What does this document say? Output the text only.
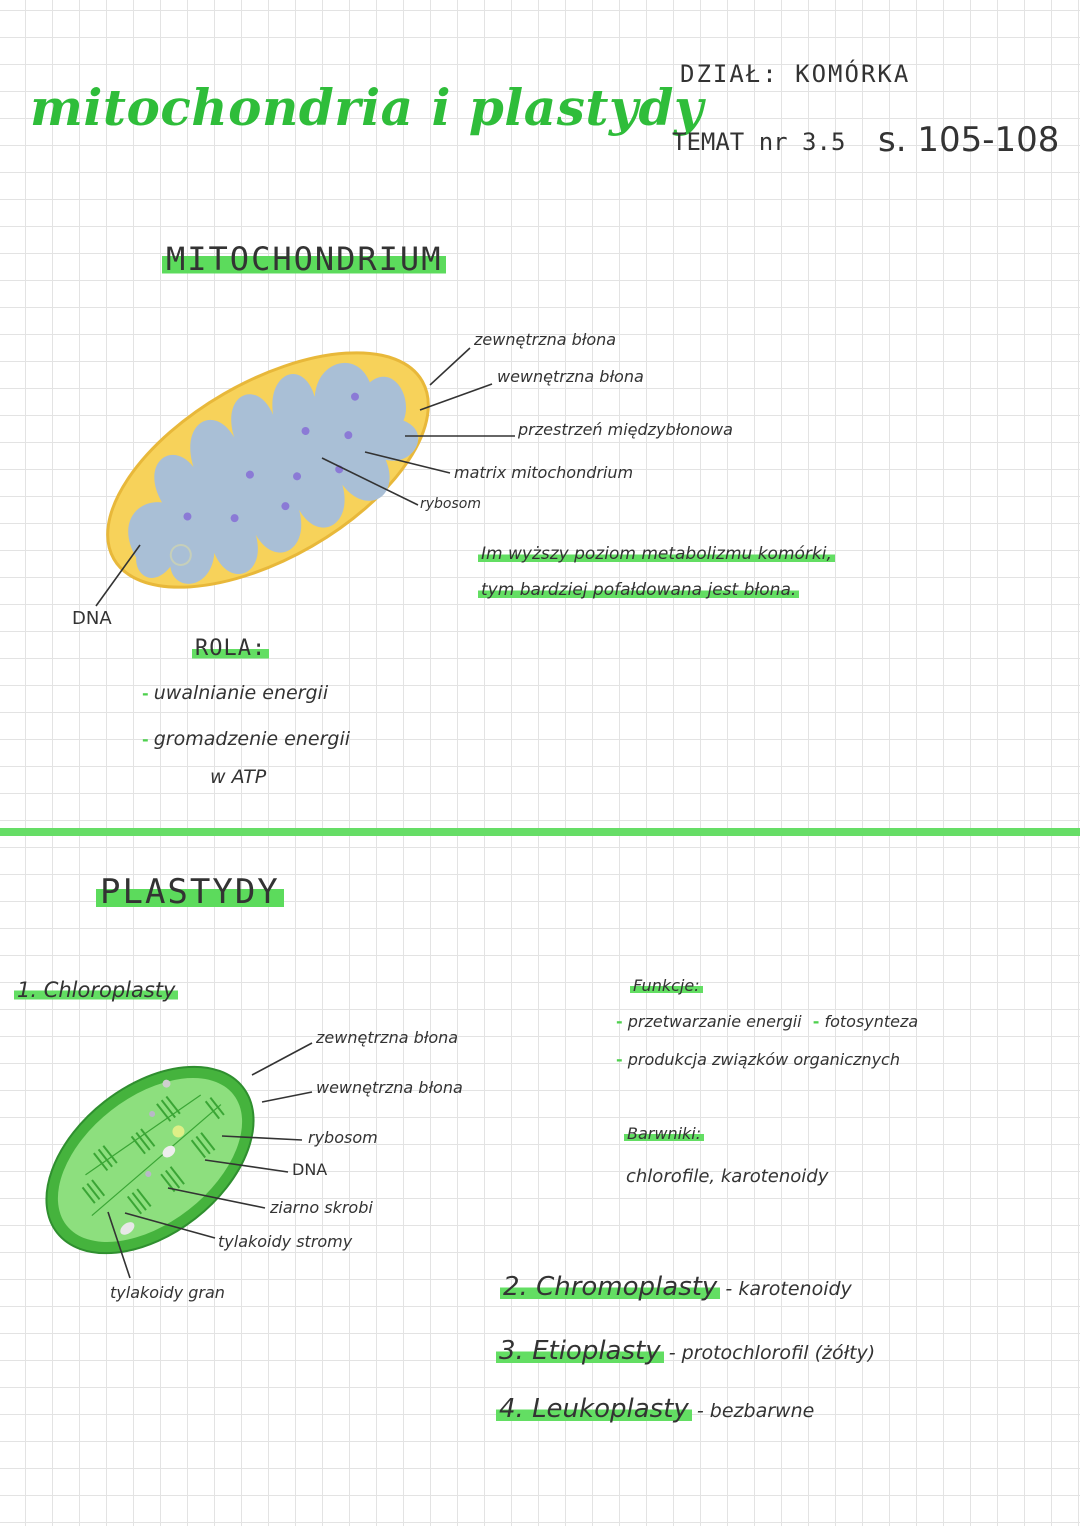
mitochondria i plastydy
DZIAŁ: KOMÓRKA
TEMAT nr 3.5 s. 105-108
MITOCHONDRIUM
zewnętrzna błona
wewnętrzna błona
przestrzeń międzybłonowa
matrix mitochondrium
rybosom
DNA
Im wyższy poziom metabolizmu komórki,
tym bardziej pofałdowana jest błona.
ROLA:
- uwalnianie energii
- gromadzenie energii
w ATP
PLASTYDY
1. Chloroplasty
zewnętrzna błona
wewnętrzna błona
rybosom
DNA
ziarno skrobi
tylakoidy stromy
tylakoidy gran
Funkcje:
- przetwarzanie energii - fotosynteza
- produkcja związków organicznych
Barwniki:
chlorofile, karotenoidy
2. Chromoplasty - karotenoidy
3. Etioplasty - protochlorofil (żółty)
4. Leukoplasty - bezbarwne
